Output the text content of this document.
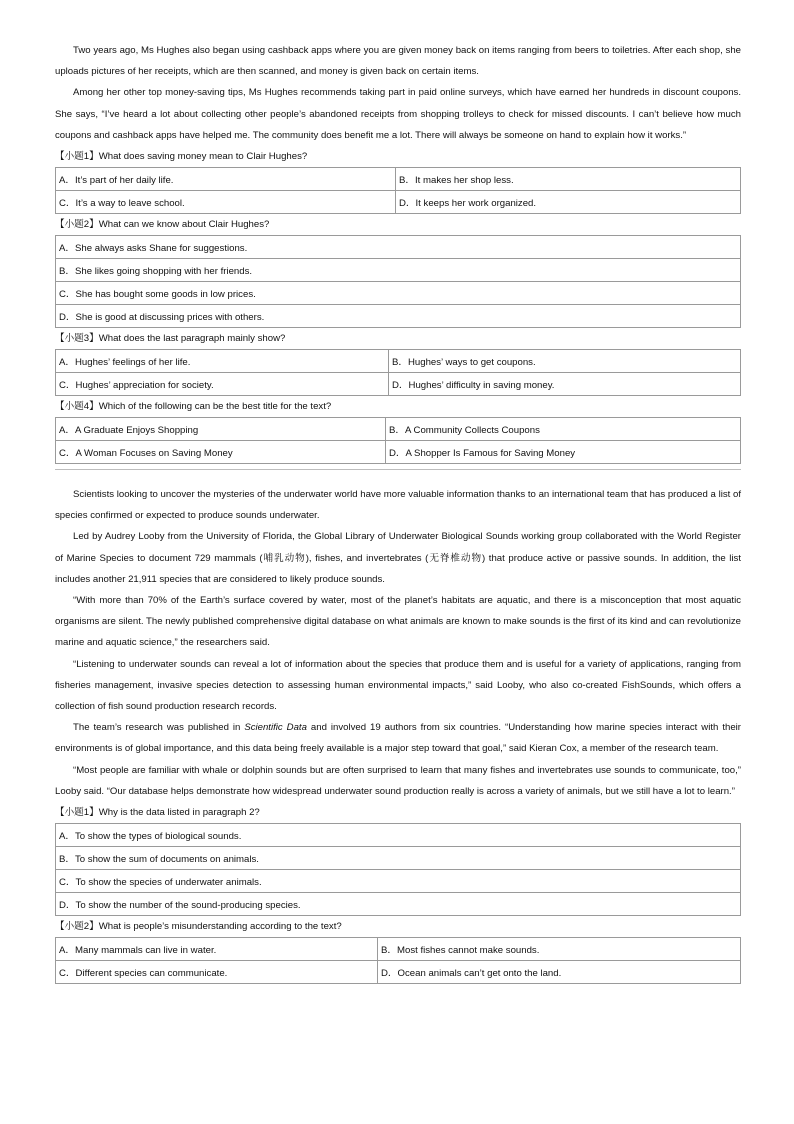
Two years ago, Ms Hughes also began using cashback apps where you are given money back on items ranging from beers to toiletries. After each shop, she uploads pictures of her receipts, which are then scanned, and money is given back on certain items.

Among her other top money-saving tips, Ms Hughes recommends taking part in paid online surveys, which have earned her hundreds in discount coupons. She says, “I’ve heard a lot about collecting other people’s abandoned receipts from shopping trolleys to check for missed discounts. I can’t believe how much coupons and cashback apps have helped me. The community does benefit me a lot. There will always be someone on hand to explain how it works.”

【小题1】What does saving money mean to Clair Hughes?
A．It’s part of her daily life.	B．It makes her shop less.
C．It’s a way to leave school.	D．It keeps her work organized.
【小题2】What can we know about Clair Hughes?
A．She always asks Shane for suggestions.
B．She likes going shopping with her friends.
C．She has bought some goods in low prices.
D．She is good at discussing prices with others.
【小题3】What does the last paragraph mainly show?
A．Hughes’ feelings of her life.	B．Hughes’ ways to get coupons.
C．Hughes’ appreciation for society.	D．Hughes’ difficulty in saving money.
【小题4】Which of the following can be the best title for the text?
A．A Graduate Enjoys Shopping	B．A Community Collects Coupons
C．A Woman Focuses on Saving Money	D．A Shopper Is Famous for Saving Money

Scientists looking to uncover the mysteries of the underwater world have more valuable information thanks to an international team that has produced a list of species confirmed or expected to produce sounds underwater.

Led by Audrey Looby from the University of Florida, the Global Library of Underwater Biological Sounds working group collaborated with the World Register of Marine Species to document 729 mammals (哺乳动物), fishes, and invertebrates (无脊椎动物) that produce active or passive sounds. In addition, the list includes another 21,911 species that are considered to likely produce sounds.

“With more than 70% of the Earth’s surface covered by water, most of the planet’s habitats are aquatic, and there is a misconception that most aquatic organisms are silent. The newly published comprehensive digital database on what animals are known to make sounds is the first of its kind and can revolutionize marine and aquatic science,” the researchers said.

“Listening to underwater sounds can reveal a lot of information about the species that produce them and is useful for a variety of applications, ranging from fisheries management, invasive species detection to assessing human environmental impacts,” said Looby, who also co-created FishSounds, which offers a collection of fish sound production research records.

The team’s research was published in Scientific Data and involved 19 authors from six countries. “Understanding how marine species interact with their environments is of global importance, and this data being freely available is a major step toward that goal,” said Kieran Cox, a member of the research team.

“Most people are familiar with whale or dolphin sounds but are often surprised to learn that many fishes and invertebrates use sounds to communicate, too,” Looby said. “Our database helps demonstrate how widespread underwater sound production really is across a variety of animals, but we still have a lot to learn.”

【小题1】Why is the data listed in paragraph 2?
A．To show the types of biological sounds.
B．To show the sum of documents on animals.
C．To show the species of underwater animals.
D．To show the number of the sound-producing species.
【小题2】What is people’s misunderstanding according to the text?
A．Many mammals can live in water.	B．Most fishes cannot make sounds.
C．Different species can communicate.	D．Ocean animals can’t get onto the land.
